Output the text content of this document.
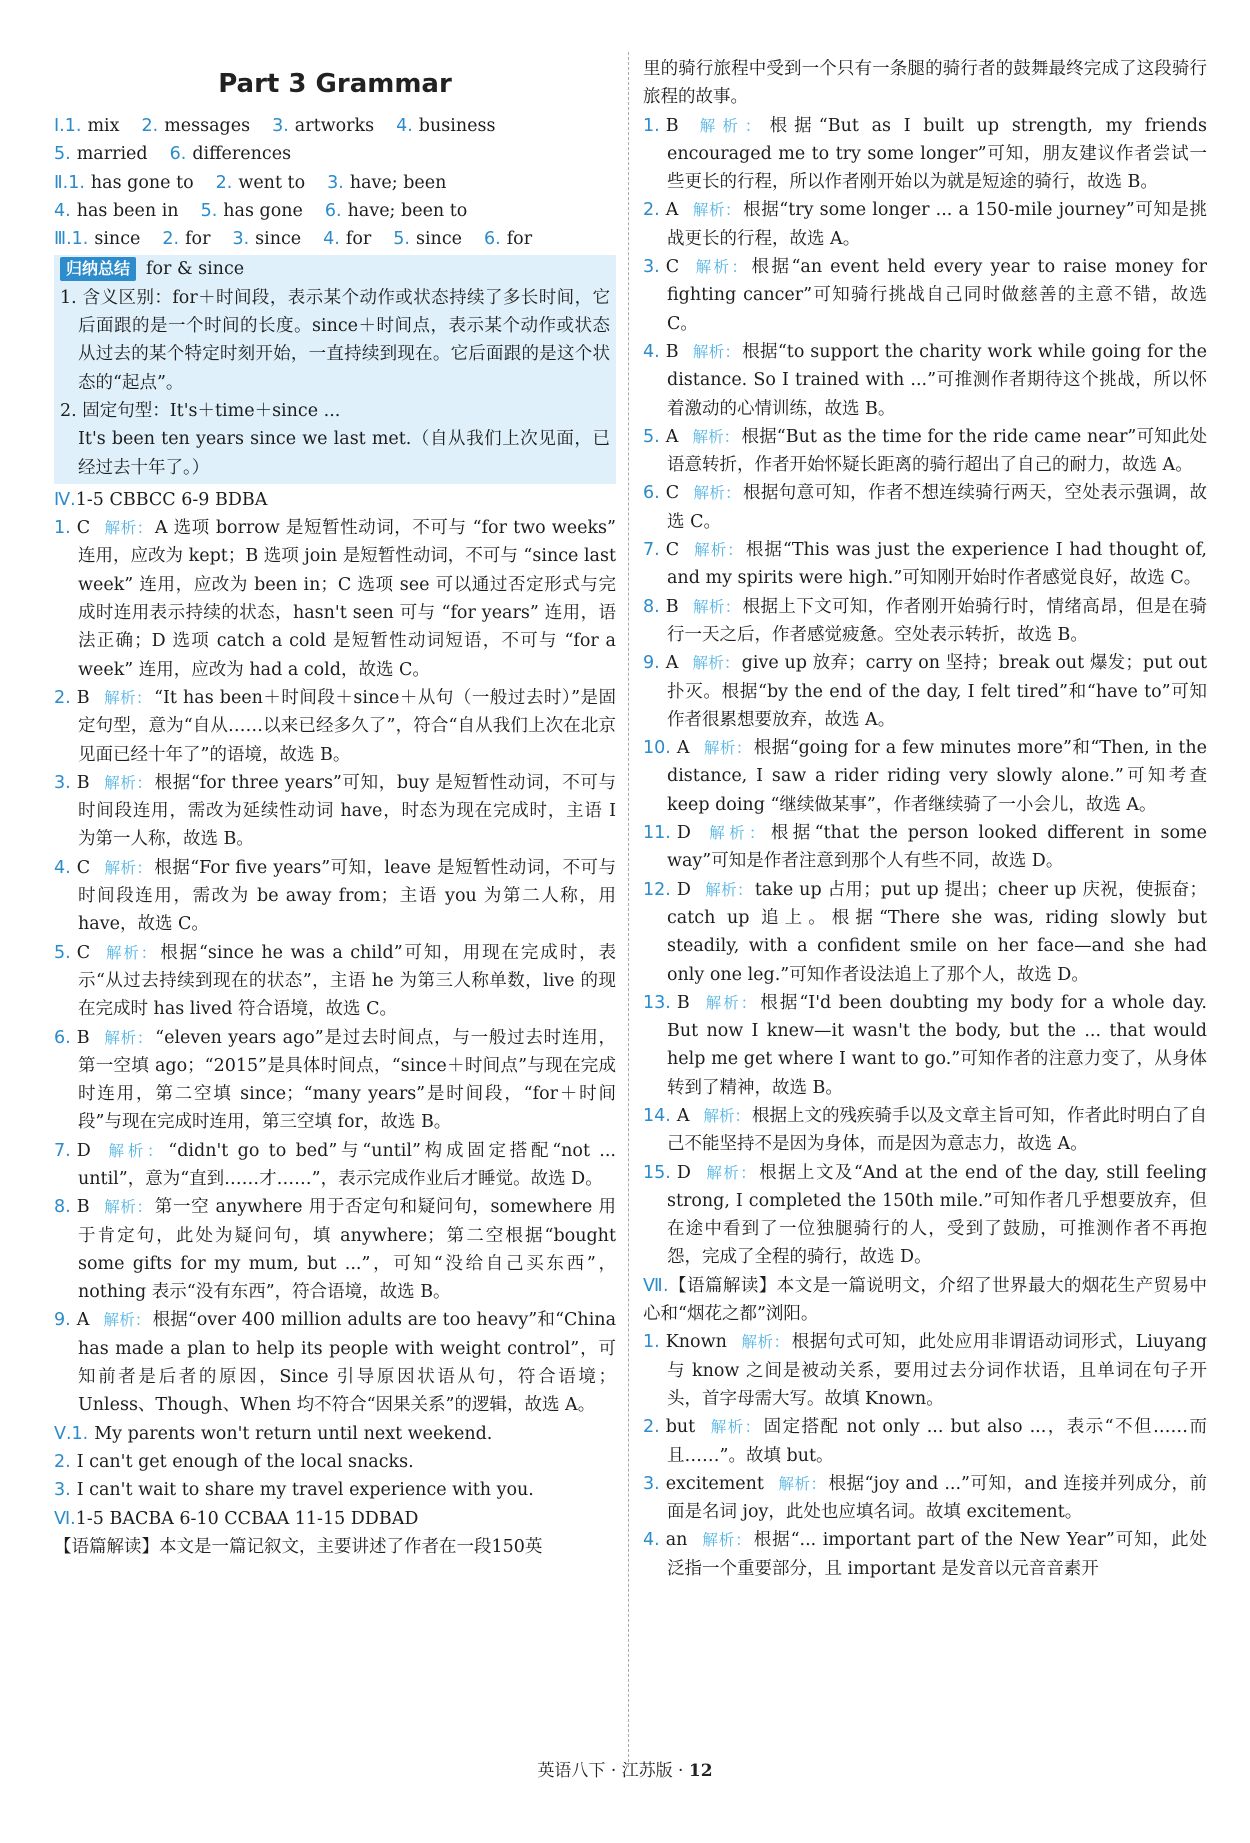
Part 3 Grammar
Ⅰ.1. mix 2. messages 3. artworks 4. business
5. married 6. differences
Ⅱ.1. has gone to 2. went to 3. have; been
4. has been in 5. has gone 6. have; been to
Ⅲ.1. since 2. for 3. since 4. for 5. since 6. for
归纳总结 for & since

1. 含义区别：for＋时间段，表示某个动作或状态持续了多长时间，它后面跟的是一个时间的长度。since＋时间点，表示某个动作或状态从过去的某个特定时刻开始，一直持续到现在。它后面跟的是这个状态的“起点”。

2. 固定句型：It's＋time＋since ...

It's been ten years since we last met.（自从我们上次见面，已经过去十年了。）

Ⅳ.1-5 CBBCC 6-9 BDBA
1. C 解析： A 选项 borrow 是短暂性动词，不可与 “for two weeks” 连用，应改为 kept；B 选项 join 是短暂性动词，不可与 “since last week” 连用，应改为 been in；C 选项 see 可以通过否定形式与完成时连用表示持续的状态，hasn't seen 可与 “for years” 连用，语法正确；D 选项 catch a cold 是短暂性动词短语，不可与 “for a week” 连用，应改为 had a cold，故选 C。
2. B 解析： “It has been＋时间段＋since＋从句（一般过去时）”是固定句型，意为“自从……以来已经多久了”，符合“自从我们上次在北京见面已经十年了”的语境，故选 B。
3. B 解析： 根据“for three years”可知，buy 是短暂性动词，不可与时间段连用，需改为延续性动词 have，时态为现在完成时，主语 I 为第一人称，故选 B。
4. C 解析： 根据“For five years”可知，leave 是短暂性动词，不可与时间段连用，需改为 be away from；主语 you 为第二人称，用 have，故选 C。
5. C 解析： 根据“since he was a child”可知，用现在完成时，表示“从过去持续到现在的状态”，主语 he 为第三人称单数，live 的现在完成时 has lived 符合语境，故选 C。
6. B 解析： “eleven years ago”是过去时间点，与一般过去时连用，第一空填 ago；“2015”是具体时间点，“since＋时间点”与现在完成时连用，第二空填 since；“many years”是时间段，“for＋时间段”与现在完成时连用，第三空填 for，故选 B。
7. D 解析： “didn't go to bed”与“until”构成固定搭配“not ... until”，意为“直到……才……”，表示完成作业后才睡觉。故选 D。
8. B 解析： 第一空 anywhere 用于否定句和疑问句，somewhere 用于肯定句，此处为疑问句，填 anywhere；第二空根据“bought some gifts for my mum, but ...”，可知“没给自己买东西”，nothing 表示“没有东西”，符合语境，故选 B。
9. A 解析： 根据“over 400 million adults are too heavy”和“China has made a plan to help its people with weight control”，可知前者是后者的原因，Since 引导原因状语从句，符合语境；Unless、Though、When 均不符合“因果关系”的逻辑，故选 A。
Ⅴ.1. My parents won't return until next weekend.
2. I can't get enough of the local snacks.
3. I can't wait to share my travel experience with you.
Ⅵ.1-5 BACBA 6-10 CCBAA 11-15 DDBAD
【语篇解读】本文是一篇记叙文，主要讲述了作者在一段150英
里的骑行旅程中受到一个只有一条腿的骑行者的鼓舞最终完成了这段骑行旅程的故事。
1. B 解析： 根据“But as I built up strength, my friends encouraged me to try some longer”可知，朋友建议作者尝试一些更长的行程，所以作者刚开始以为就是短途的骑行，故选 B。
2. A 解析： 根据“try some longer ... a 150-mile journey”可知是挑战更长的行程，故选 A。
3. C 解析： 根据“an event held every year to raise money for fighting cancer”可知骑行挑战自己同时做慈善的主意不错，故选 C。
4. B 解析： 根据“to support the charity work while going for the distance. So I trained with ...”可推测作者期待这个挑战，所以怀着激动的心情训练，故选 B。
5. A 解析： 根据“But as the time for the ride came near”可知此处语意转折，作者开始怀疑长距离的骑行超出了自己的耐力，故选 A。
6. C 解析： 根据句意可知，作者不想连续骑行两天，空处表示强调，故选 C。
7. C 解析： 根据“This was just the experience I had thought of, and my spirits were high.”可知刚开始时作者感觉良好，故选 C。
8. B 解析： 根据上下文可知，作者刚开始骑行时，情绪高昂，但是在骑行一天之后，作者感觉疲惫。空处表示转折，故选 B。
9. A 解析： give up 放弃；carry on 坚持；break out 爆发；put out 扑灭。根据“by the end of the day, I felt tired”和“have to”可知作者很累想要放弃，故选 A。
10. A 解析： 根据“going for a few minutes more”和“Then, in the distance, I saw a rider riding very slowly alone.”可知考查 keep doing “继续做某事”，作者继续骑了一小会儿，故选 A。
11. D 解析： 根据“that the person looked different in some way”可知是作者注意到那个人有些不同，故选 D。
12. D 解析： take up 占用；put up 提出；cheer up 庆祝，使振奋；catch up 追上。根据“There she was, riding slowly but steadily, with a confident smile on her face—and she had only one leg.”可知作者设法追上了那个人，故选 D。
13. B 解析： 根据“I'd been doubting my body for a whole day. But now I knew—it wasn't the body, but the ... that would help me get where I want to go.”可知作者的注意力变了，从身体转到了精神，故选 B。
14. A 解析： 根据上文的残疾骑手以及文章主旨可知，作者此时明白了自己不能坚持不是因为身体，而是因为意志力，故选 A。
15. D 解析： 根据上文及“And at the end of the day, still feeling strong, I completed the 150th mile.”可知作者几乎想要放弃，但在途中看到了一位独腿骑行的人，受到了鼓励，可推测作者不再抱怨，完成了全程的骑行，故选 D。
Ⅶ.【语篇解读】本文是一篇说明文，介绍了世界最大的烟花生产贸易中心和“烟花之都”浏阳。
1. Known 解析： 根据句式可知，此处应用非谓语动词形式，Liuyang 与 know 之间是被动关系，要用过去分词作状语，且单词在句子开头，首字母需大写。故填 Known。
2. but 解析： 固定搭配 not only ... but also ...，表示“不但……而且……”。故填 but。
3. excitement 解析： 根据“joy and ...”可知，and 连接并列成分，前面是名词 joy，此处也应填名词。故填 excitement。
4. an 解析： 根据“... important part of the New Year”可知，此处泛指一个重要部分，且 important 是发音以元音音素开
英语八下 · 江苏版 · 12
